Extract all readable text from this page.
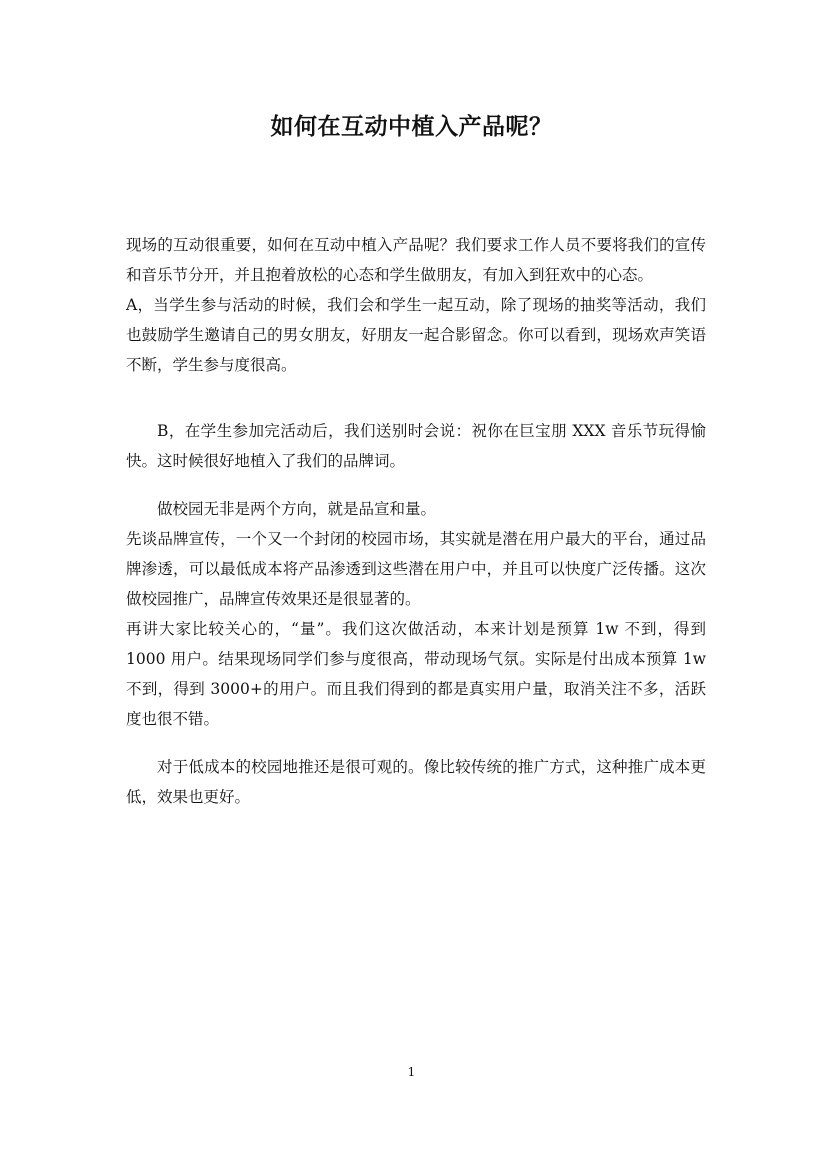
如何在互动中植入产品呢？

现场的互动很重要，如何在互动中植入产品呢？我们要求工作人员不要将我们的宣传和音乐节分开，并且抱着放松的心态和学生做朋友，有加入到狂欢中的心态。

A，当学生参与活动的时候，我们会和学生一起互动，除了现场的抽奖等活动，我们也鼓励学生邀请自己的男女朋友，好朋友一起合影留念。你可以看到，现场欢声笑语不断，学生参与度很高。

B，在学生参加完活动后，我们送别时会说：祝你在巨宝朋 XXX 音乐节玩得愉快。这时候很好地植入了我们的品牌词。

做校园无非是两个方向，就是品宣和量。

先谈品牌宣传，一个又一个封闭的校园市场，其实就是潜在用户最大的平台，通过品牌渗透，可以最低成本将产品渗透到这些潜在用户中，并且可以快度广泛传播。这次做校园推广，品牌宣传效果还是很显著的。

再讲大家比较关心的，“量”。我们这次做活动，本来计划是预算 1w 不到，得到 1000 用户。结果现场同学们参与度很高，带动现场气氛。实际是付出成本预算 1w 不到，得到 3000+的用户。而且我们得到的都是真实用户量，取消关注不多，活跃度也很不错。

对于低成本的校园地推还是很可观的。像比较传统的推广方式，这种推广成本更低，效果也更好。

1
